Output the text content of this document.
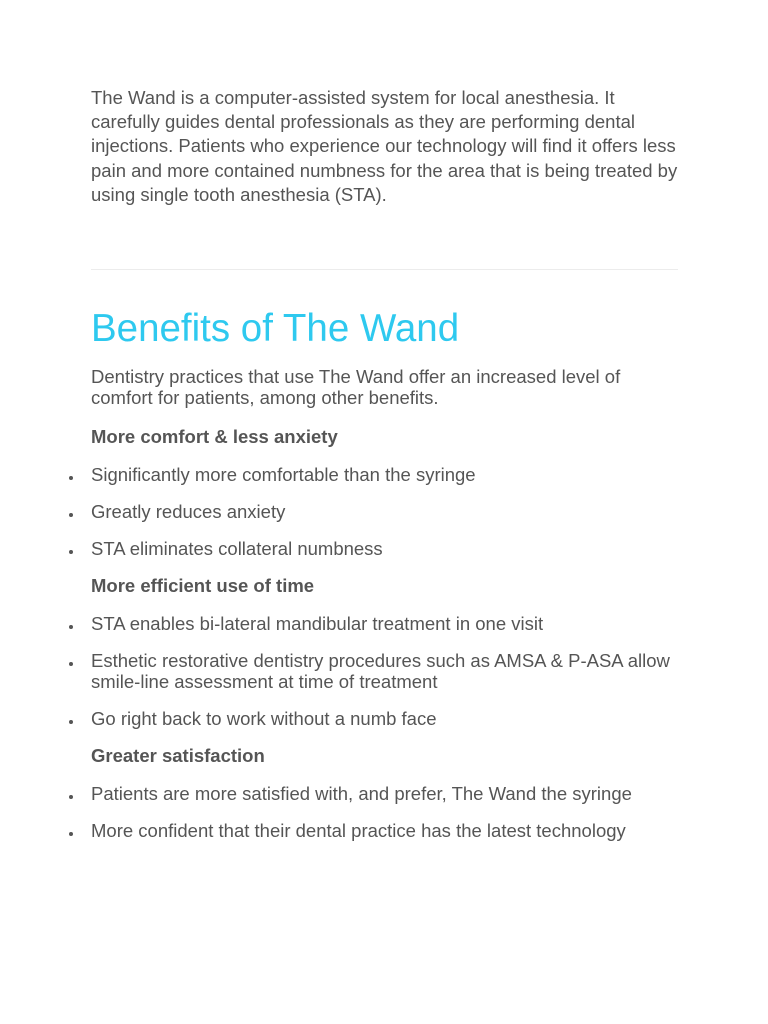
The Wand is a computer-assisted system for local anesthesia. It carefully guides dental professionals as they are performing dental injections. Patients who experience our technology will find it offers less pain and more contained numbness for the area that is being treated by using single tooth anesthesia (STA).

Benefits of The Wand

Dentistry practices that use The Wand offer an increased level of comfort for patients, among other benefits.

More comfort & less anxiety
Significantly more comfortable than the syringe
Greatly reduces anxiety
STA eliminates collateral numbness
More efficient use of time
STA enables bi-lateral mandibular treatment in one visit
Esthetic restorative dentistry procedures such as AMSA & P-ASA allow smile-line assessment at time of treatment
Go right back to work without a numb face
Greater satisfaction
Patients are more satisfied with, and prefer, The Wand the syringe
More confident that their dental practice has the latest technology
